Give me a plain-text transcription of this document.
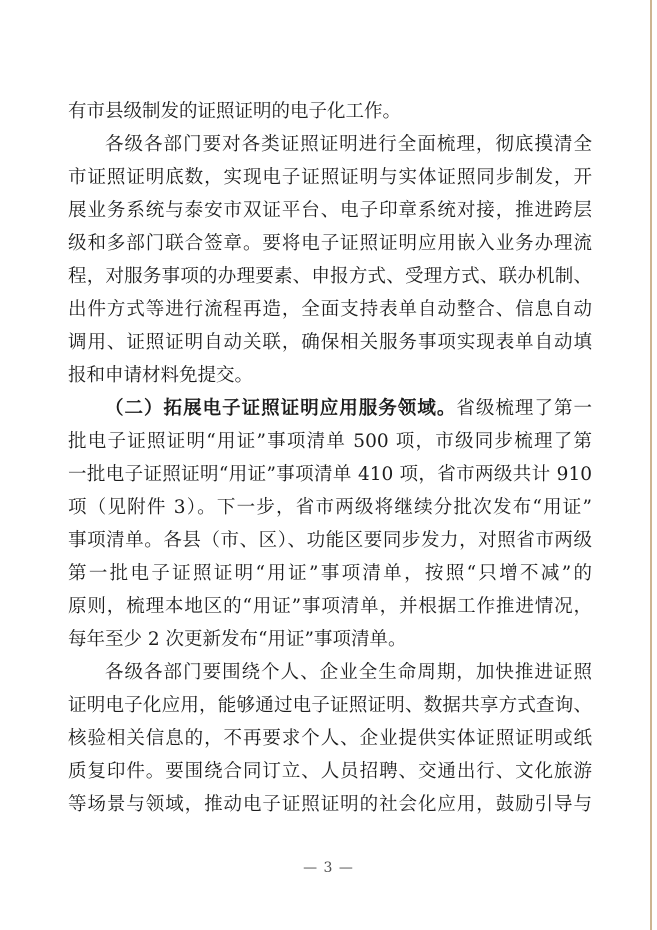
有市县级制发的证照证明的电子化工作。
各级各部门要对各类证照证明进行全面梳理，彻底摸清全
市证照证明底数，实现电子证照证明与实体证照同步制发，开
展业务系统与泰安市双证平台、电子印章系统对接，推进跨层
级和多部门联合签章。要将电子证照证明应用嵌入业务办理流
程，对服务事项的办理要素、申报方式、受理方式、联办机制、
出件方式等进行流程再造，全面支持表单自动整合、信息自动
调用、证照证明自动关联，确保相关服务事项实现表单自动填
报和申请材料免提交。
（二）拓展电子证照证明应用服务领域。省级梳理了第一
批电子证照证明“用证”事项清单 500 项，市级同步梳理了第
一批电子证照证明“用证”事项清单 410 项，省市两级共计 910
项（见附件 3）。下一步，省市两级将继续分批次发布“用证”
事项清单。各县（市、区）、功能区要同步发力，对照省市两级
第一批电子证照证明“用证”事项清单，按照“只增不减”的
原则，梳理本地区的“用证”事项清单，并根据工作推进情况，
每年至少 2 次更新发布“用证”事项清单。
各级各部门要围绕个人、企业全生命周期，加快推进证照
证明电子化应用，能够通过电子证照证明、数据共享方式查询、
核验相关信息的，不再要求个人、企业提供实体证照证明或纸
质复印件。要围绕合同订立、人员招聘、交通出行、文化旅游
等场景与领域，推动电子证照证明的社会化应用，鼓励引导与
— 3 —
